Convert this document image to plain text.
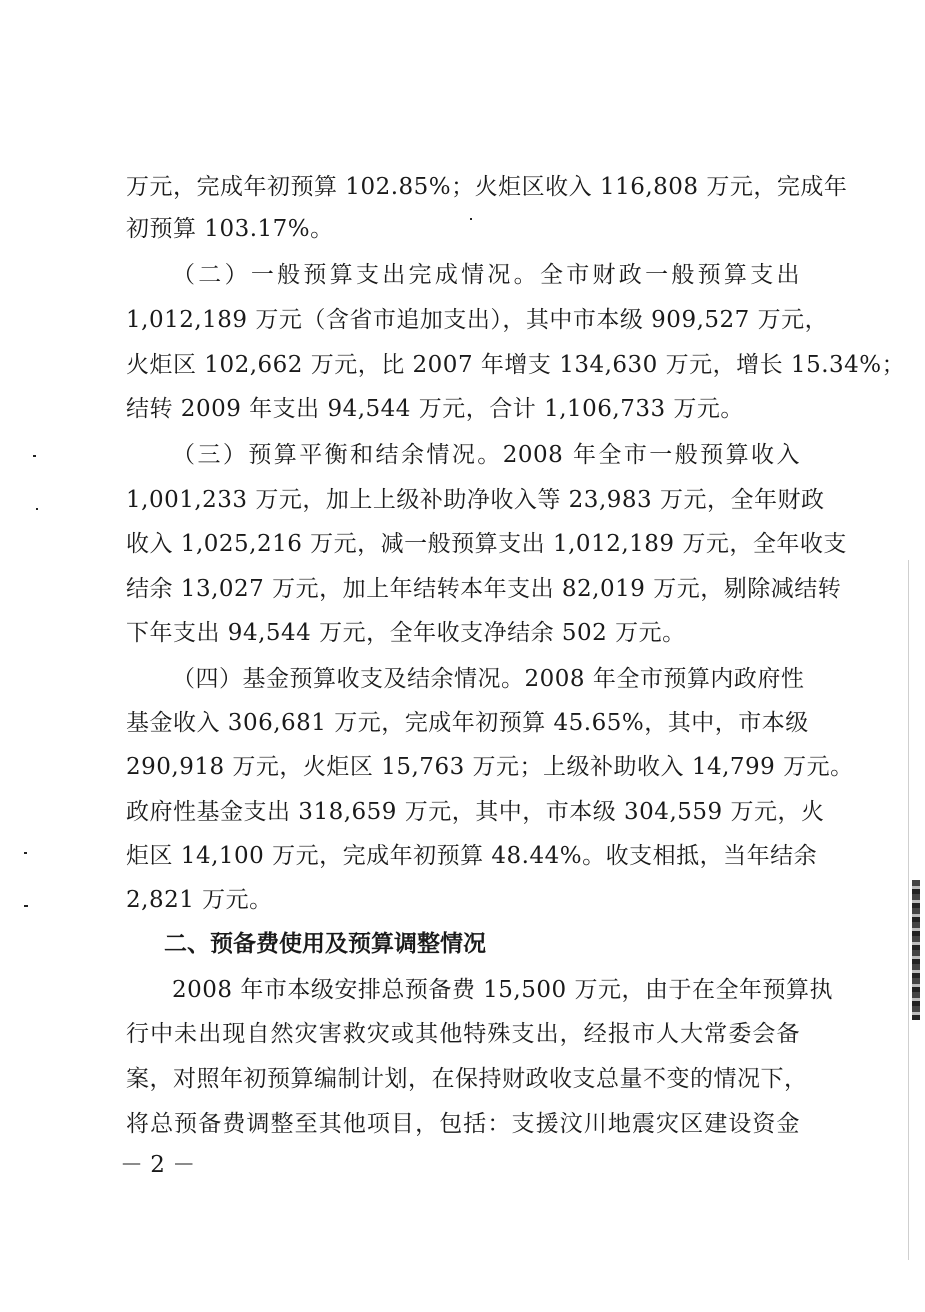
万元，完成年初预算 102.85%；火炬区收入 116,808 万元，完成年
初预算 103.17%。
（二）一般预算支出完成情况。全市财政一般预算支出
1,012,189 万元（含省市追加支出），其中市本级 909,527 万元，
火炬区 102,662 万元，比 2007 年增支 134,630 万元，增长 15.34%；
结转 2009 年支出 94,544 万元，合计 1,106,733 万元。
（三）预算平衡和结余情况。2008 年全市一般预算收入
1,001,233 万元，加上上级补助净收入等 23,983 万元，全年财政
收入 1,025,216 万元，减一般预算支出 1,012,189 万元，全年收支
结余 13,027 万元，加上年结转本年支出 82,019 万元，剔除减结转
下年支出 94,544 万元，全年收支净结余 502 万元。
（四）基金预算收支及结余情况。2008 年全市预算内政府性
基金收入 306,681 万元，完成年初预算 45.65%，其中，市本级
290,918 万元，火炬区 15,763 万元；上级补助收入 14,799 万元。
政府性基金支出 318,659 万元，其中，市本级 304,559 万元，火
炬区 14,100 万元，完成年初预算 48.44%。收支相抵，当年结余
2,821 万元。
二、预备费使用及预算调整情况
2008 年市本级安排总预备费 15,500 万元，由于在全年预算执
行中未出现自然灾害救灾或其他特殊支出，经报市人大常委会备
案，对照年初预算编制计划，在保持财政收支总量不变的情况下，
将总预备费调整至其他项目，包括：支援汶川地震灾区建设资金
－ 2 －
